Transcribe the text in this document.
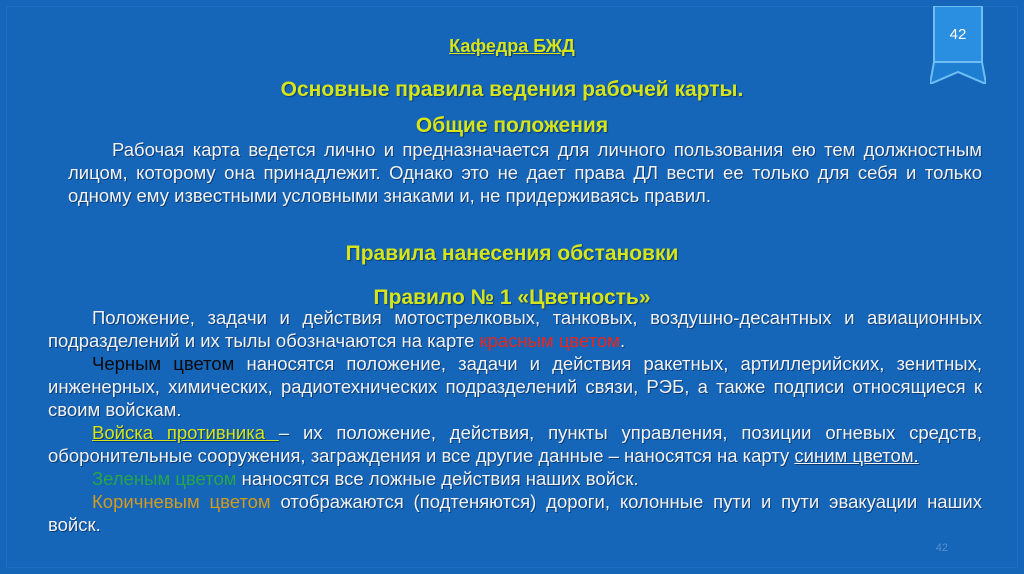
Кафедра БЖД
42
Основные правила ведения рабочей карты.
Общие положения
Рабочая карта ведется лично и предназначается для личного пользования ею тем должностным лицом, которому она принадлежит. Однако это не дает права ДЛ вести ее только для себя и только одному ему известными условными знаками и, не придерживаясь правил.
Правила нанесения обстановки
Правило № 1 «Цветность»
Положение, задачи и действия мотострелковых, танковых, воздушно-десантных и авиационных подразделений и их тылы обозначаются на карте красным цветом.
Черным цветом наносятся положение, задачи и действия ракетных, артиллерийских, зенитных, инженерных, химических, радиотехнических подразделений связи, РЭБ, а также подписи относящиеся к своим войскам.
Войска противника – их положение, действия, пункты управления, позиции огневых средств, оборонительные сооружения, заграждения и все другие данные – наносятся на карту синим цветом.
Зеленым цветом наносятся все ложные действия наших войск.
Коричневым цветом отображаются (подтеняются) дороги, колонные пути и пути эвакуации наших войск.
42
